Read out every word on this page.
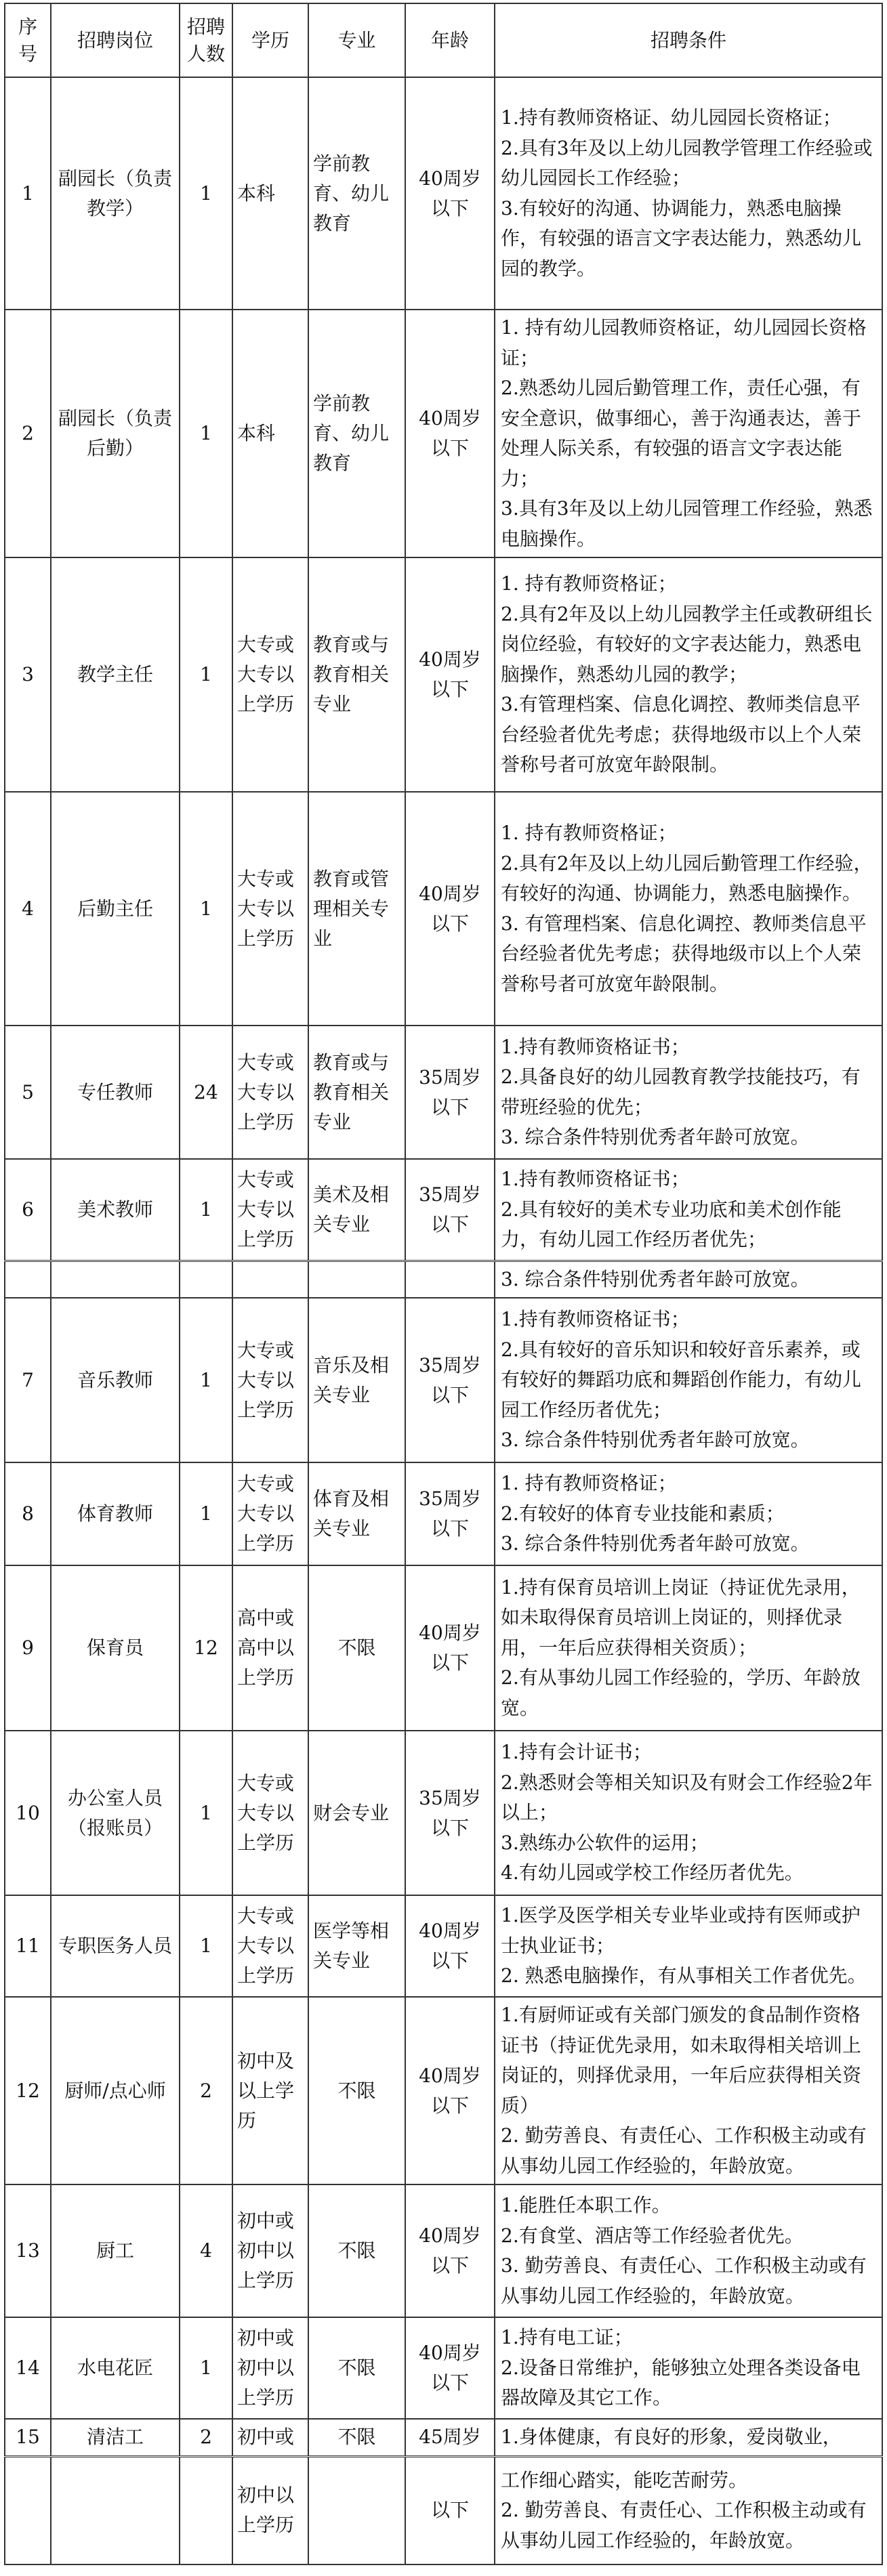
序号	招聘岗位	招聘人数	学历	专业	年龄	招聘条件
1	副园长（负责教学）	1	本科	学前教育、幼儿教育	40周岁以下	1.持有教师资格证、幼儿园园长资格证；
2.具有3年及以上幼儿园教学管理工作经验或幼儿园园长工作经验；
3.有较好的沟通、协调能力，熟悉电脑操作，有较强的语言文字表达能力，熟悉幼儿园的教学。

2	副园长（负责后勤）	1	本科	学前教育、幼儿教育	40周岁以下	1. 持有幼儿园教师资格证，幼儿园园长资格证；
2.熟悉幼儿园后勤管理工作，责任心强，有安全意识，做事细心，善于沟通表达，善于处理人际关系，有较强的语言文字表达能力；
3.具有3年及以上幼儿园管理工作经验，熟悉电脑操作。

3	教学主任	1	大专或大专以上学历	教育或与教育相关专业	40周岁以下	1. 持有教师资格证；
2.具有2年及以上幼儿园教学主任或教研组长岗位经验，有较好的文字表达能力，熟悉电脑操作，熟悉幼儿园的教学；
3.有管理档案、信息化调控、教师类信息平台经验者优先考虑；获得地级市以上个人荣誉称号者可放宽年龄限制。

4	后勤主任	1	大专或大专以上学历	教育或管理相关专业	40周岁以下	1. 持有教师资格证；
2.具有2年及以上幼儿园后勤管理工作经验，有较好的沟通、协调能力，熟悉电脑操作。
3. 有管理档案、信息化调控、教师类信息平台经验者优先考虑；获得地级市以上个人荣誉称号者可放宽年龄限制。

5	专任教师	24	大专或大专以上学历	教育或与教育相关专业	35周岁以下	1.持有教师资格证书；
2.具备良好的幼儿园教育教学技能技巧，有带班经验的优先；
3. 综合条件特别优秀者年龄可放宽。

6	美术教师	1	大专或大专以上学历	美术及相关专业	35周岁以下	1.持有教师资格证书；
2.具有较好的美术专业功底和美术创作能力，有幼儿园工作经历者优先；

						3. 综合条件特别优秀者年龄可放宽。

7	音乐教师	1	大专或大专以上学历	音乐及相关专业	35周岁以下	1.持有教师资格证书；
2.具有较好的音乐知识和较好音乐素养，或有较好的舞蹈功底和舞蹈创作能力，有幼儿园工作经历者优先；
3. 综合条件特别优秀者年龄可放宽。

8	体育教师	1	大专或大专以上学历	体育及相关专业	35周岁以下	1. 持有教师资格证；
2.有较好的体育专业技能和素质；
3. 综合条件特别优秀者年龄可放宽。

9	保育员	12	高中或高中以上学历	不限	40周岁以下	1.持有保育员培训上岗证（持证优先录用，如未取得保育员培训上岗证的，则择优录用，一年后应获得相关资质）；
2.有从事幼儿园工作经验的，学历、年龄放宽。

10	办公室人员（报账员）	1	大专或大专以上学历	财会专业	35周岁以下	1.持有会计证书；
2.熟悉财会等相关知识及有财会工作经验2年以上；
3.熟练办公软件的运用；
4.有幼儿园或学校工作经历者优先。

11	专职医务人员	1	大专或大专以上学历	医学等相关专业	40周岁以下	1.医学及医学相关专业毕业或持有医师或护士执业证书；
2. 熟悉电脑操作，有从事相关工作者优先。

12	厨师/点心师	2	初中及以上学历	不限	40周岁以下	1.有厨师证或有关部门颁发的食品制作资格证书（持证优先录用，如未取得相关培训上岗证的，则择优录用，一年后应获得相关资质）
2. 勤劳善良、有责任心、工作积极主动或有从事幼儿园工作经验的，年龄放宽。

13	厨工	4	初中或初中以上学历	不限	40周岁以下	1.能胜任本职工作。
2.有食堂、酒店等工作经验者优先。
3. 勤劳善良、有责任心、工作积极主动或有从事幼儿园工作经验的，年龄放宽。

14	水电花匠	1	初中或初中以上学历	不限	40周岁以下	1.持有电工证；
2.设备日常维护，能够独立处理各类设备电器故障及其它工作。

15	清洁工	2	初中或	不限	45周岁	1.身体健康，有良好的形象，爱岗敬业，

			初中以上学历		以下	工作细心踏实，能吃苦耐劳。
2. 勤劳善良、有责任心、工作积极主动或有从事幼儿园工作经验的，年龄放宽。
